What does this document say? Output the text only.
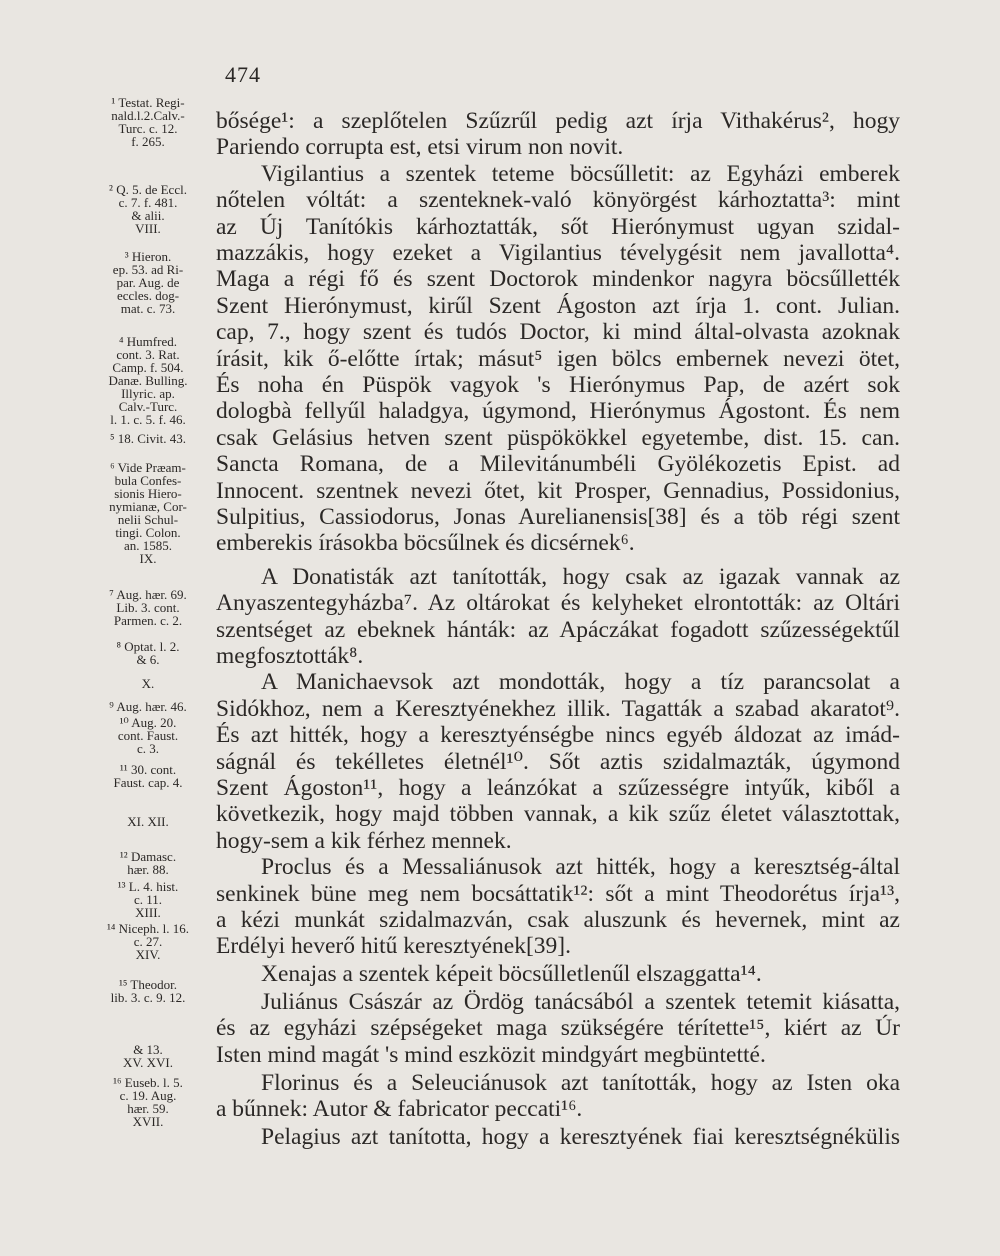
474
¹ Testat. Regi-
nald.l.2.Calv.-
Turc. c. 12.
f. 265.
² Q. 5. de Eccl.
c. 7. f. 481.
& alii.
VIII.
³ Hieron.
ep. 53. ad Ri-
par. Aug. de
eccles. dog-
mat. c. 73.
⁴ Humfred.
cont. 3. Rat.
Camp. f. 504.
Danæ. Bulling.
Illyric. ap.
Calv.-Turc.
l. 1. c. 5. f. 46.
⁵ 18. Civit. 43.
⁶ Vide Præam-
bula Confes-
sionis Hiero-
nymianæ, Cor-
nelii Schul-
tingi. Colon.
an. 1585.
IX.
⁷ Aug. hær. 69.
Lib. 3. cont.
Parmen. c. 2.
⁸ Optat. l. 2.
& 6.
X.
⁹ Aug. hær. 46.
¹⁰ Aug. 20.
cont. Faust.
c. 3.
¹¹ 30. cont.
Faust. cap. 4.
XI. XII.
¹² Damasc.
hær. 88.
¹³ L. 4. hist.
c. 11.
XIII.
¹⁴ Niceph. l. 16.
c. 27.
XIV.
¹⁵ Theodor.
lib. 3. c. 9. 12.
& 13.
XV. XVI.
¹⁶ Euseb. l. 5.
c. 19. Aug.
hær. 59.
XVII.
bősége¹: a szeplőtelen Szűzrűl pedig azt írja Vithakérus², hogy
Pariendo corrupta est, etsi virum non novit.
Vigilantius a szentek teteme böcsűlletit: az Egyházi emberek
nőtelen vóltát: a szenteknek-való könyörgést kárhoztatta³: mint
az Új Tanítókis kárhoztatták, sőt Hierónymust ugyan szidal-
mazzákis, hogy ezeket a Vigilantius tévelygésit nem javallotta⁴.
Maga a régi fő és szent Doctorok mindenkor nagyra böcsűllették
Szent Hierónymust, kirűl Szent Ágoston azt írja 1. cont. Julian.
cap, 7., hogy szent és tudós Doctor, ki mind által-olvasta azoknak
írásit, kik ő-előtte írtak; másut⁵ igen bölcs embernek nevezi ötet,
És noha én Püspök vagyok 's Hierónymus Pap, de azért sok
dologbà fellyűl haladgya, úgymond, Hierónymus Ágostont. És nem
csak Gelásius hetven szent püspökökkel egyetembe, dist. 15. can.
Sancta Romana, de a Milevitánumbéli Gyölékozetis Epist. ad
Innocent. szentnek nevezi őtet, kit Prosper, Gennadius, Possidonius,
Sulpitius, Cassiodorus, Jonas Aurelianensis[38] és a töb régi szent
emberekis írásokba böcsűlnek és dicsérnek⁶.
A Donatisták azt tanították, hogy csak az igazak vannak az
Anyaszentegyházba⁷. Az oltárokat és kelyheket elrontották: az Oltári
szentséget az ebeknek hánták: az Apáczákat fogadott szűzességektűl
megfosztották⁸.
A Manichaevsok azt mondották, hogy a tíz parancsolat a
Sidókhoz, nem a Keresztyénekhez illik. Tagatták a szabad akaratot⁹.
És azt hitték, hogy a keresztyénségbe nincs egyéb áldozat az imád-
ságnál és tekélletes életnél¹⁰. Sőt aztis szidalmazták, úgymond
Szent Ágoston¹¹, hogy a leánzókat a szűzességre intyűk, kiből a
következik, hogy majd többen vannak, a kik szűz életet választottak,
hogy-sem a kik férhez mennek.
Proclus és a Messaliánusok azt hitték, hogy a keresztség-által
senkinek büne meg nem bocsáttatik¹²: sőt a mint Theodorétus írja¹³,
a kézi munkát szidalmazván, csak aluszunk és hevernek, mint az
Erdélyi heverő hitű keresztyének[39].
Xenajas a szentek képeit böcsűlletlenűl elszaggatta¹⁴.
Juliánus Császár az Ördög tanácsából a szentek tetemit kiásatta,
és az egyházi szépségeket maga szükségére térítette¹⁵, kiért az Úr
Isten mind magát 's mind eszközit mindgyárt megbüntetté.
Florinus és a Seleuciánusok azt tanították, hogy az Isten oka
a bűnnek: Autor & fabricator peccati¹⁶.
Pelagius azt tanította, hogy a keresztyének fiai keresztségnékülis
